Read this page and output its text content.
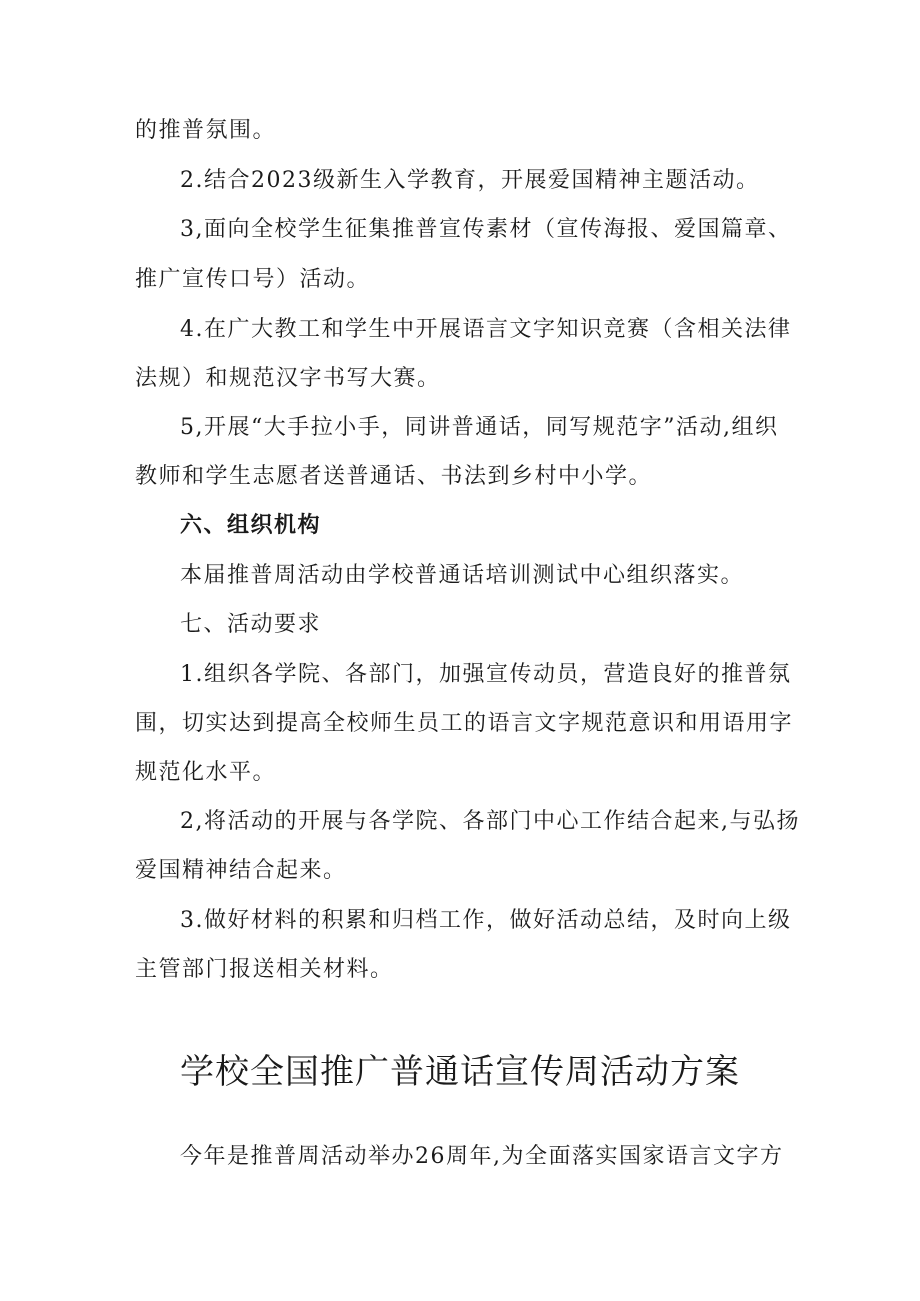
的推普氛围。
2.结合2023级新生入学教育，开展爱国精神主题活动。
3,面向全校学生征集推普宣传素材（宣传海报、爱国篇章、
推广宣传口号）活动。
4.在广大教工和学生中开展语言文字知识竞赛（含相关法律
法规）和规范汉字书写大赛。
5,开展“大手拉小手，同讲普通话，同写规范字”活动,组织
教师和学生志愿者送普通话、书法到乡村中小学。
六、组织机构
本届推普周活动由学校普通话培训测试中心组织落实。
七、活动要求
1.组织各学院、各部门，加强宣传动员，营造良好的推普氛
围，切实达到提高全校师生员工的语言文字规范意识和用语用字
规范化水平。
2,将活动的开展与各学院、各部门中心工作结合起来,与弘扬
爱国精神结合起来。
3.做好材料的积累和归档工作，做好活动总结，及时向上级
主管部门报送相关材料。
学校全国推广普通话宣传周活动方案
今年是推普周活动举办26周年,为全面落实国家语言文字方
